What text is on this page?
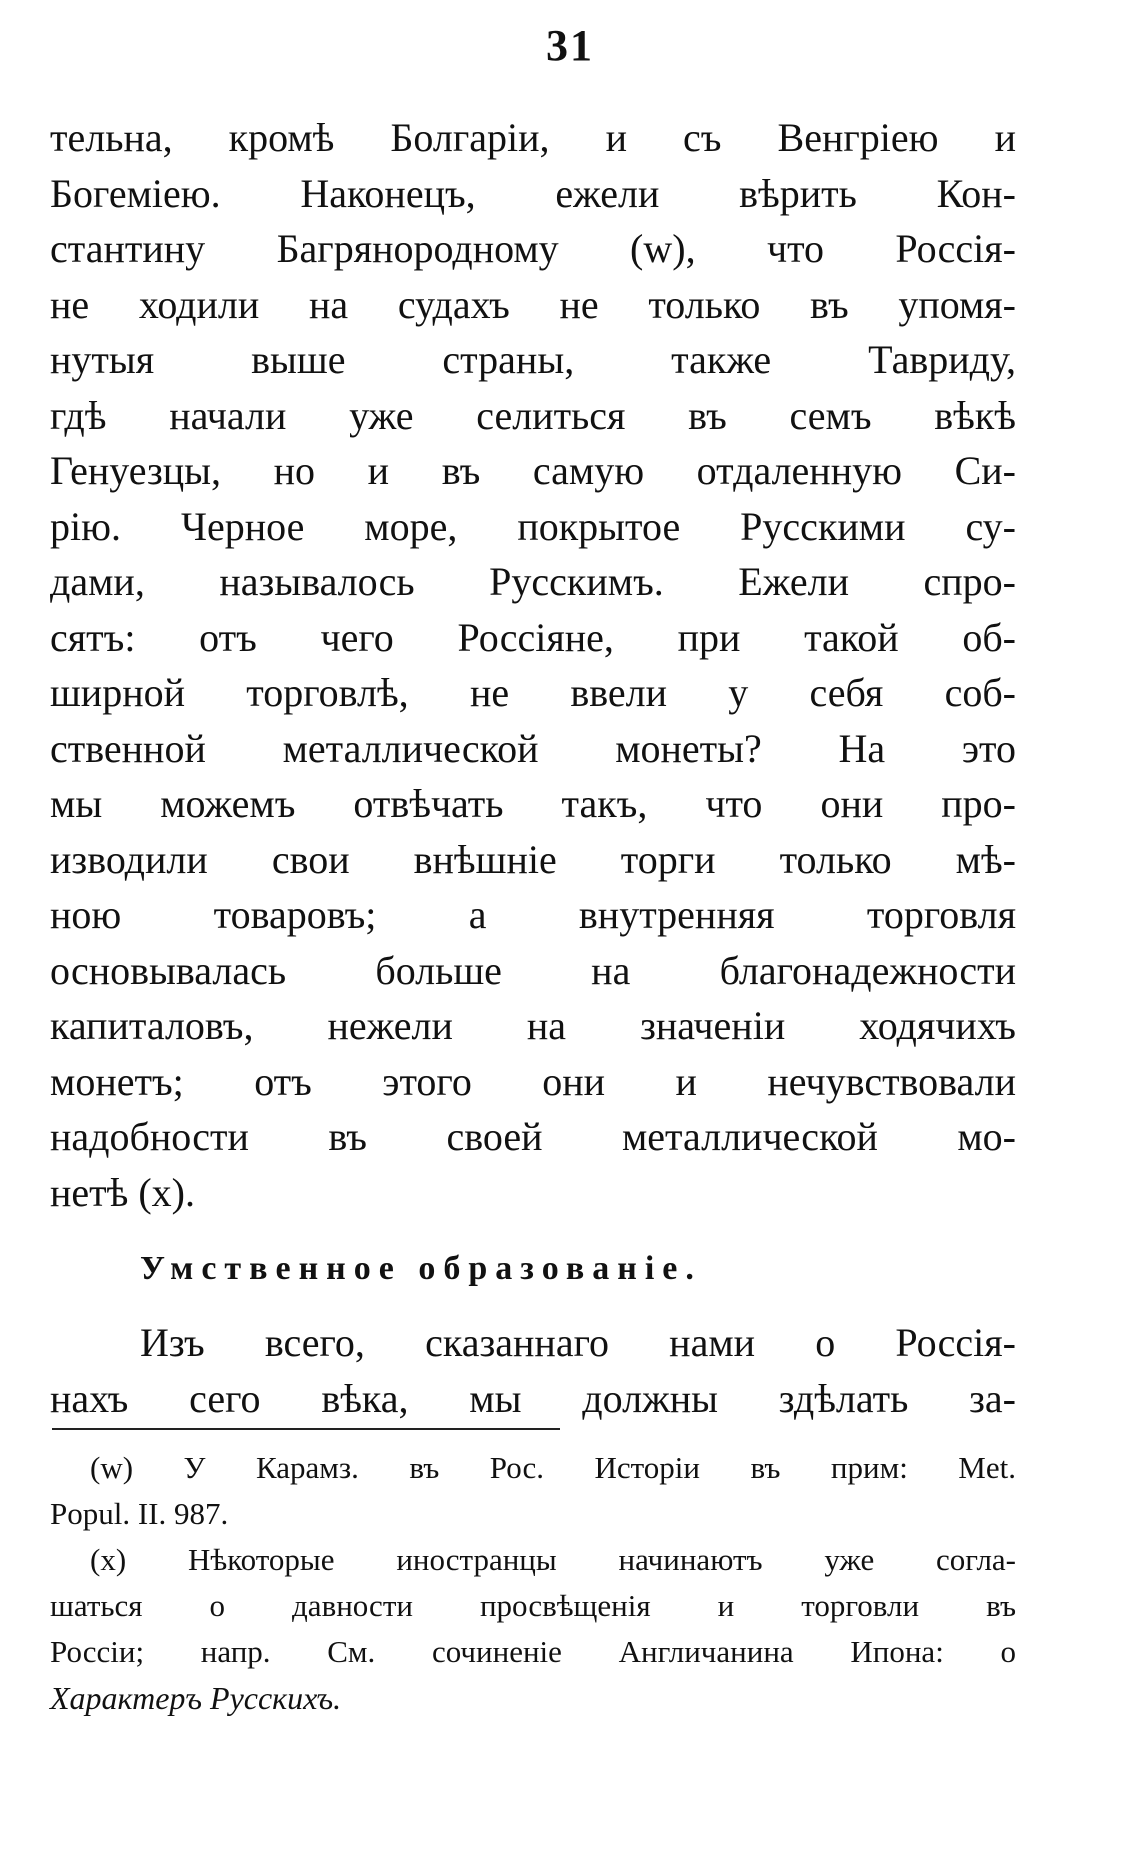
31
тельна, кромѣ Болгаріи, и съ Венгріею и
Богеміею. Наконецъ, ежели вѣрить Кон-
стантину Багрянородному (w), что Россія-
не ходили на судахъ не только въ упомя-
нутыя выше страны, также Тавриду,
гдѣ начали уже селиться въ семъ вѣкѣ
Генуезцы, но и въ самую отдаленную Си-
рію. Черное море, покрытое Русскими су-
дами, называлось Русскимъ. Ежели спро-
сятъ: отъ чего Россіяне, при такой об-
ширной торговлѣ, не ввели у себя соб-
ственной металлической монеты? На это
мы можемъ отвѣчать такъ, что они про-
изводили свои внѣшніе торги только мѣ-
ною товаровъ; а внутренняя торговля
основывалась больше на благонадежности
капиталовъ, нежели на значеніи ходячихъ
монетъ; отъ этого они и нечувствовали
надобности въ своей металлической мо-
нетѣ (x).
Умственное образованіе.
Изъ всего, сказаннаго нами о Россія-
нахъ сего вѣка, мы должны здѣлать за-
(w) У Карамз. въ Рос. Исторіи въ прим: Met.
Popul. II. 987.
(x) Нѣкоторые иностранцы начинаютъ уже согла-
шаться о давности просвѣщенія и торговли въ
Россіи; напр. См. сочиненіе Англичанина Ипона: о
Характеръ Русскихъ.
